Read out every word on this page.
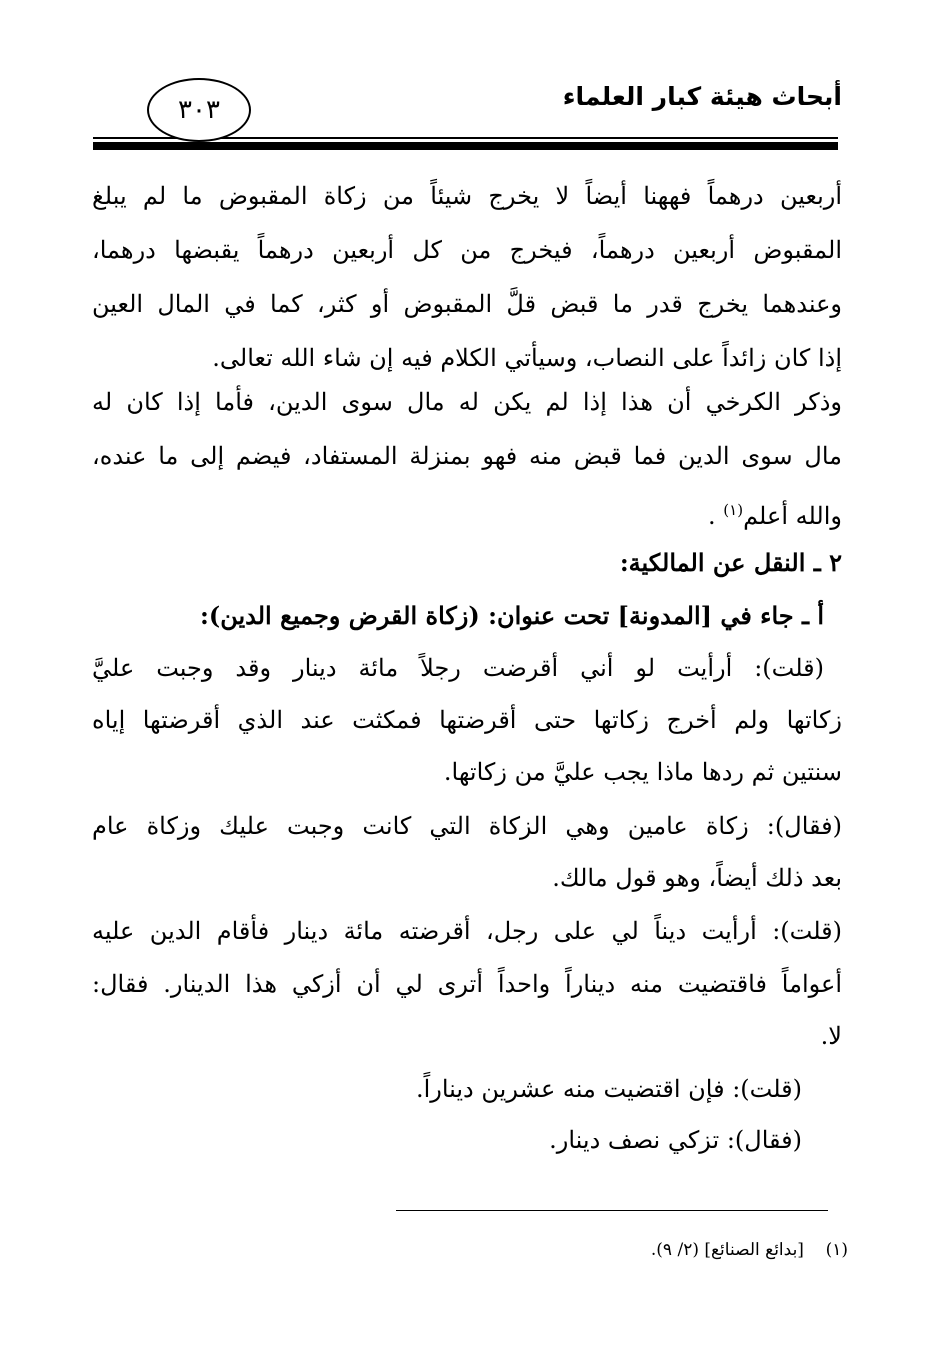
أبحاث هيئة كبار العلماء
٣٠٣
أربعين درهماً فههنا أيضاً لا يخرج شيئاً من زكاة المقبوض ما لم يبلغ
المقبوض أربعين درهماً، فيخرج من كل أربعين درهماً يقبضها درهما،
وعندهما يخرج قدر ما قبض قلَّ المقبوض أو كثر، كما في المال العين
إذا كان زائداً على النصاب، وسيأتي الكلام فيه إن شاء الله تعالى.
وذكر الكرخي أن هذا إذا لم يكن له مال سوى الدين، فأما إذا كان له
مال سوى الدين فما قبض منه فهو بمنزلة المستفاد، فيضم إلى ما عنده،
والله أعلم$^{(١)}$ .
٢ ـ النقل عن المالكية:
أ ـ جاء في [المدونة] تحت عنوان: (زكاة القرض وجميع الدين):
(قلت): أرأيت لو أني أقرضت رجلاً مائة دينار وقد وجبت عليَّ
زكاتها ولم أخرج زكاتها حتى أقرضتها فمكثت عند الذي أقرضتها إياه
سنتين ثم ردها ماذا يجب عليَّ من زكاتها.
(فقال): زكاة عامين وهي الزكاة التي كانت وجبت عليك وزكاة عام
بعد ذلك أيضاً، وهو قول مالك.
(قلت): أرأيت ديناً لي على رجل، أقرضته مائة دينار فأقام الدين عليه
أعواماً فاقتضيت منه ديناراً واحداً أترى لي أن أزكي هذا الدينار. فقال:
لا.
(قلت): فإن اقتضيت منه عشرين ديناراً.
(فقال): تزكي نصف دينار.
(١)    [بدائع الصنائع] (٢/ ٩).
